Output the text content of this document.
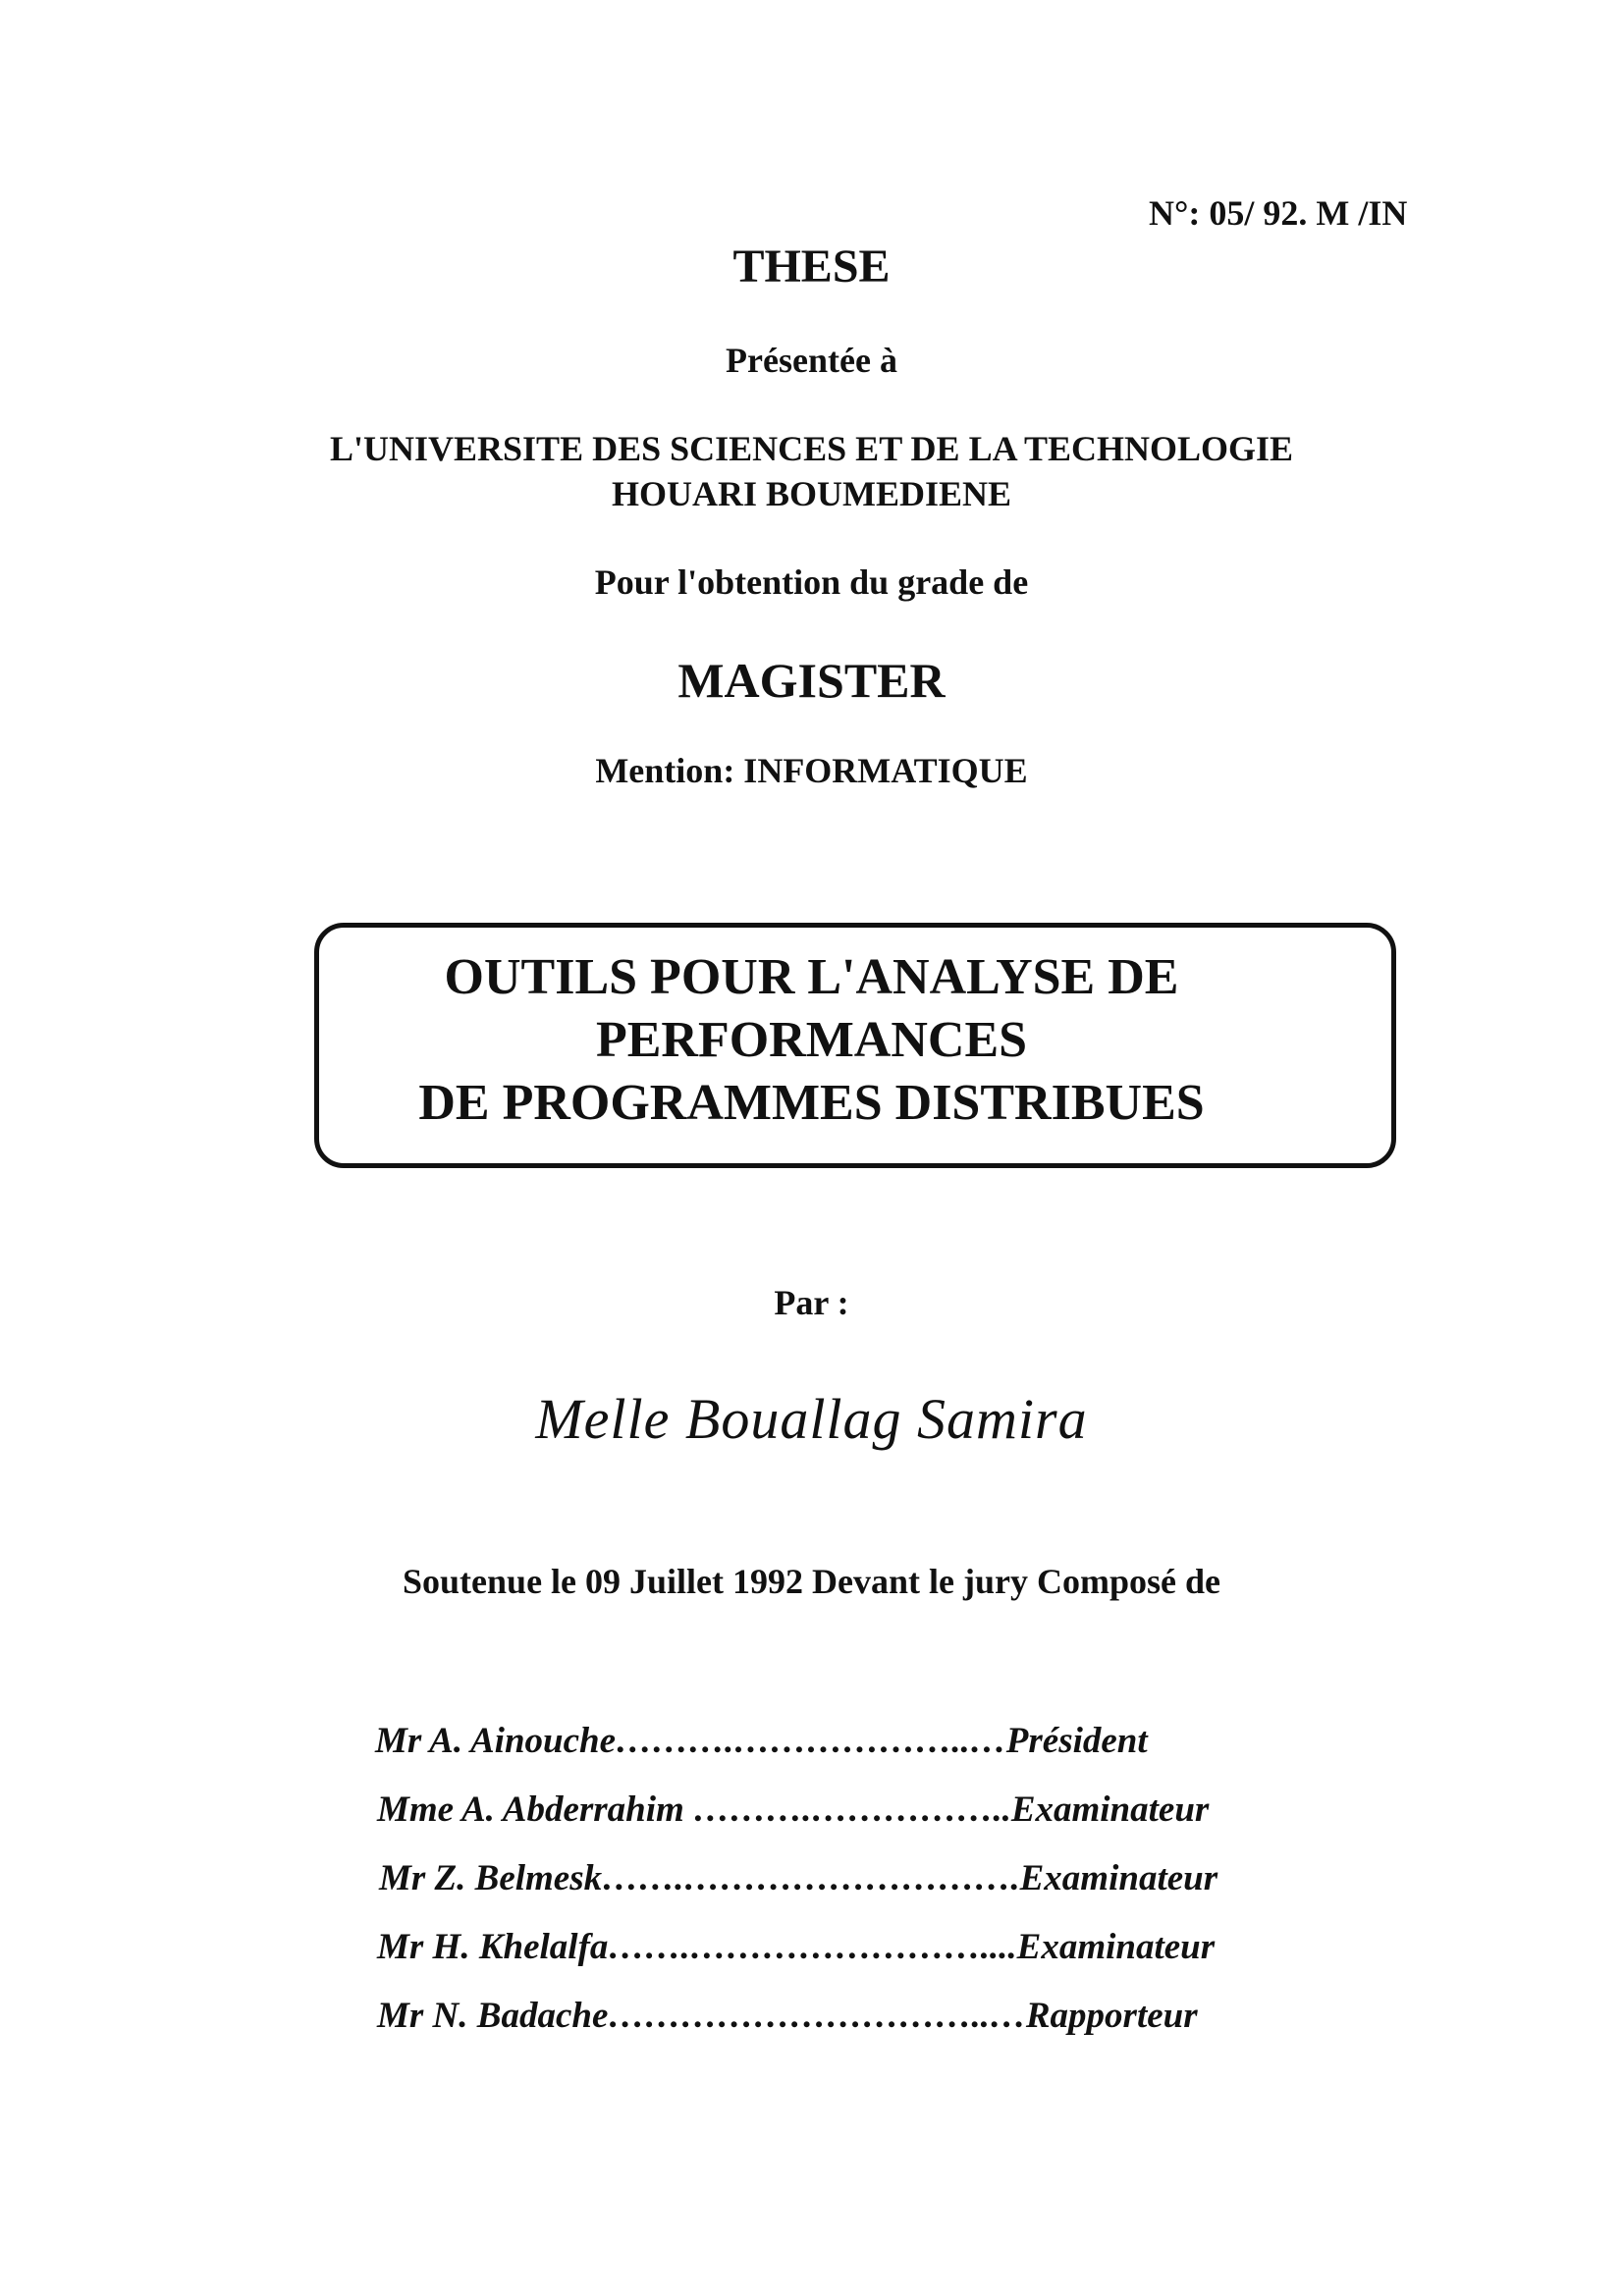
N°: 05/ 92. M /IN
THESE
Présentée à
L'UNIVERSITE DES SCIENCES ET DE LA TECHNOLOGIE
HOUARI BOUMEDIENE
Pour l'obtention du grade de
MAGISTER
Mention: INFORMATIQUE
OUTILS POUR L'ANALYSE DE
PERFORMANCES
DE PROGRAMMES DISTRIBUES
Par :
Melle Bouallag Samira
Soutenue le 09 Juillet 1992 Devant le jury Composé de
Mr A. Ainouche……….………………..…Président
Mme A. Abderrahim ……….……………..Examinateur
Mr Z. Belmesk…….……………………….Examinateur
Mr H. Khelalfa…….……………………....Examinateur
Mr N. Badache…………………………..…Rapporteur
